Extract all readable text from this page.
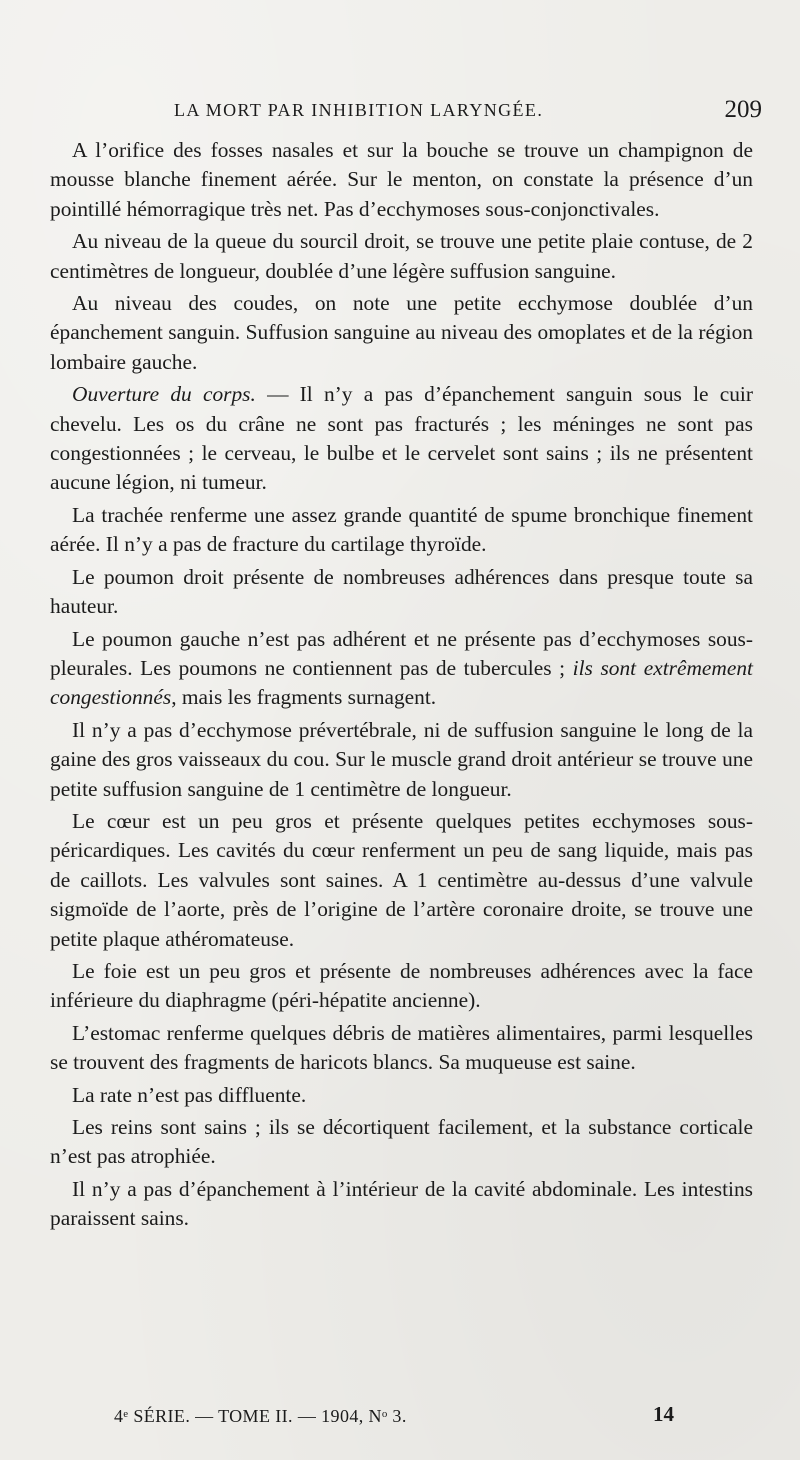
LA MORT PAR INHIBITION LARYNGÉE.	209

A l’orifice des fosses nasales et sur la bouche se trouve un champignon de mousse blanche finement aérée. Sur le menton, on constate la présence d’un pointillé hémorragique très net. Pas d’ecchymoses sous-conjonctivales.

Au niveau de la queue du sourcil droit, se trouve une petite plaie contuse, de 2 centimètres de longueur, doublée d’une légère suffusion sanguine.

Au niveau des coudes, on note une petite ecchymose doublée d’un épanchement sanguin. Suffusion sanguine au niveau des omoplates et de la région lombaire gauche.

Ouverture du corps. — Il n’y a pas d’épanchement sanguin sous le cuir chevelu. Les os du crâne ne sont pas fracturés ; les méninges ne sont pas congestionnées ; le cerveau, le bulbe et le cervelet sont sains ; ils ne présentent aucune légion, ni tumeur.

La trachée renferme une assez grande quantité de spume bronchique finement aérée. Il n’y a pas de fracture du cartilage thyroïde.

Le poumon droit présente de nombreuses adhérences dans presque toute sa hauteur.

Le poumon gauche n’est pas adhérent et ne présente pas d’ecchymoses sous-pleurales. Les poumons ne contiennent pas de tubercules ; ils sont extrêmement congestionnés, mais les fragments surnagent.

Il n’y a pas d’ecchymose prévertébrale, ni de suffusion sanguine le long de la gaine des gros vaisseaux du cou. Sur le muscle grand droit antérieur se trouve une petite suffusion sanguine de 1 centimètre de longueur.

Le cœur est un peu gros et présente quelques petites ecchymoses sous-péricardiques. Les cavités du cœur renferment un peu de sang liquide, mais pas de caillots. Les valvules sont saines. A 1 centimètre au-dessus d’une valvule sigmoïde de l’aorte, près de l’origine de l’artère coronaire droite, se trouve une petite plaque athéromateuse.

Le foie est un peu gros et présente de nombreuses adhérences avec la face inférieure du diaphragme (péri-hépatite ancienne).

L’estomac renferme quelques débris de matières alimentaires, parmi lesquelles se trouvent des fragments de haricots blancs. Sa muqueuse est saine.

La rate n’est pas diffluente.

Les reins sont sains ; ils se décortiquent facilement, et la substance corticale n’est pas atrophiée.

Il n’y a pas d’épanchement à l’intérieur de la cavité abdominale. Les intestins paraissent sains.

4ᵉ SÉRIE. — TOME II. — 1904, Nᵒ 3.	14
